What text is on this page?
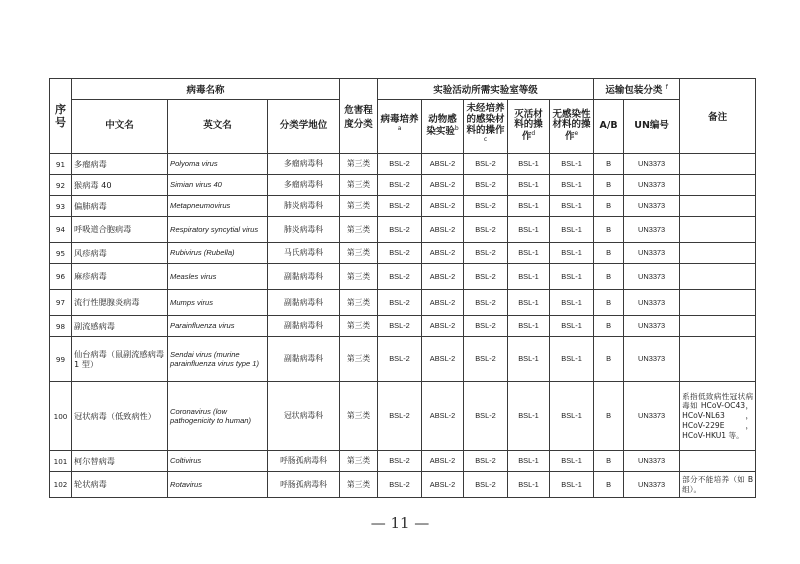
序号	病毒名称			危害程度分类	实验活动所需实验室等级					运输包装分类 $^f$		备注
	中文名	英文名	分类学地位		病毒培养$^a$	动物感染实验$^b$	未经培养的感染材料的操作$^c$	灭活材料的操作$^d$	无感染性材料的操作$^e$	A/B	UN编号	
91	多瘤病毒	Polyoma virus	多瘤病毒科	第三类	BSL-2	ABSL-2	BSL-2	BSL-1	BSL-1	B	UN3373	
92	猴病毒 40	Simian virus 40	多瘤病毒科	第三类	BSL-2	ABSL-2	BSL-2	BSL-1	BSL-1	B	UN3373	
93	偏肺病毒	Metapneumovirus	肺炎病毒科	第三类	BSL-2	ABSL-2	BSL-2	BSL-1	BSL-1	B	UN3373	
94	呼吸道合胞病毒	Respiratory syncytial virus	肺炎病毒科	第三类	BSL-2	ABSL-2	BSL-2	BSL-1	BSL-1	B	UN3373	
95	风疹病毒	Rubivirus (Rubella)	马氏病毒科	第三类	BSL-2	ABSL-2	BSL-2	BSL-1	BSL-1	B	UN3373	
96	麻疹病毒	Measles virus	副黏病毒科	第三类	BSL-2	ABSL-2	BSL-2	BSL-1	BSL-1	B	UN3373	
97	流行性腮腺炎病毒	Mumps virus	副黏病毒科	第三类	BSL-2	ABSL-2	BSL-2	BSL-1	BSL-1	B	UN3373	
98	副流感病毒	Parainfluenza virus	副黏病毒科	第三类	BSL-2	ABSL-2	BSL-2	BSL-1	BSL-1	B	UN3373	
99	仙台病毒（鼠副流感病毒 1 型）	Sendai virus (murine parainfluenza virus type 1)	副黏病毒科	第三类	BSL-2	ABSL-2	BSL-2	BSL-1	BSL-1	B	UN3373	
100	冠状病毒（低致病性）	Coronavirus (low pathogenicity to human)	冠状病毒科	第三类	BSL-2	ABSL-2	BSL-2	BSL-1	BSL-1	B	UN3373	系指低致病性冠状病毒如 HCoV-OC43，HCoV-NL63，HCoV-229E，HCoV-HKU1 等。
101	柯尔替病毒	Coltivirus	呼肠孤病毒科	第三类	BSL-2	ABSL-2	BSL-2	BSL-1	BSL-1	B	UN3373	
102	轮状病毒	Rotavirus	呼肠孤病毒科	第三类	BSL-2	ABSL-2	BSL-2	BSL-1	BSL-1	B	UN3373	部分不能培养（如 B 组）。
— 11 —
